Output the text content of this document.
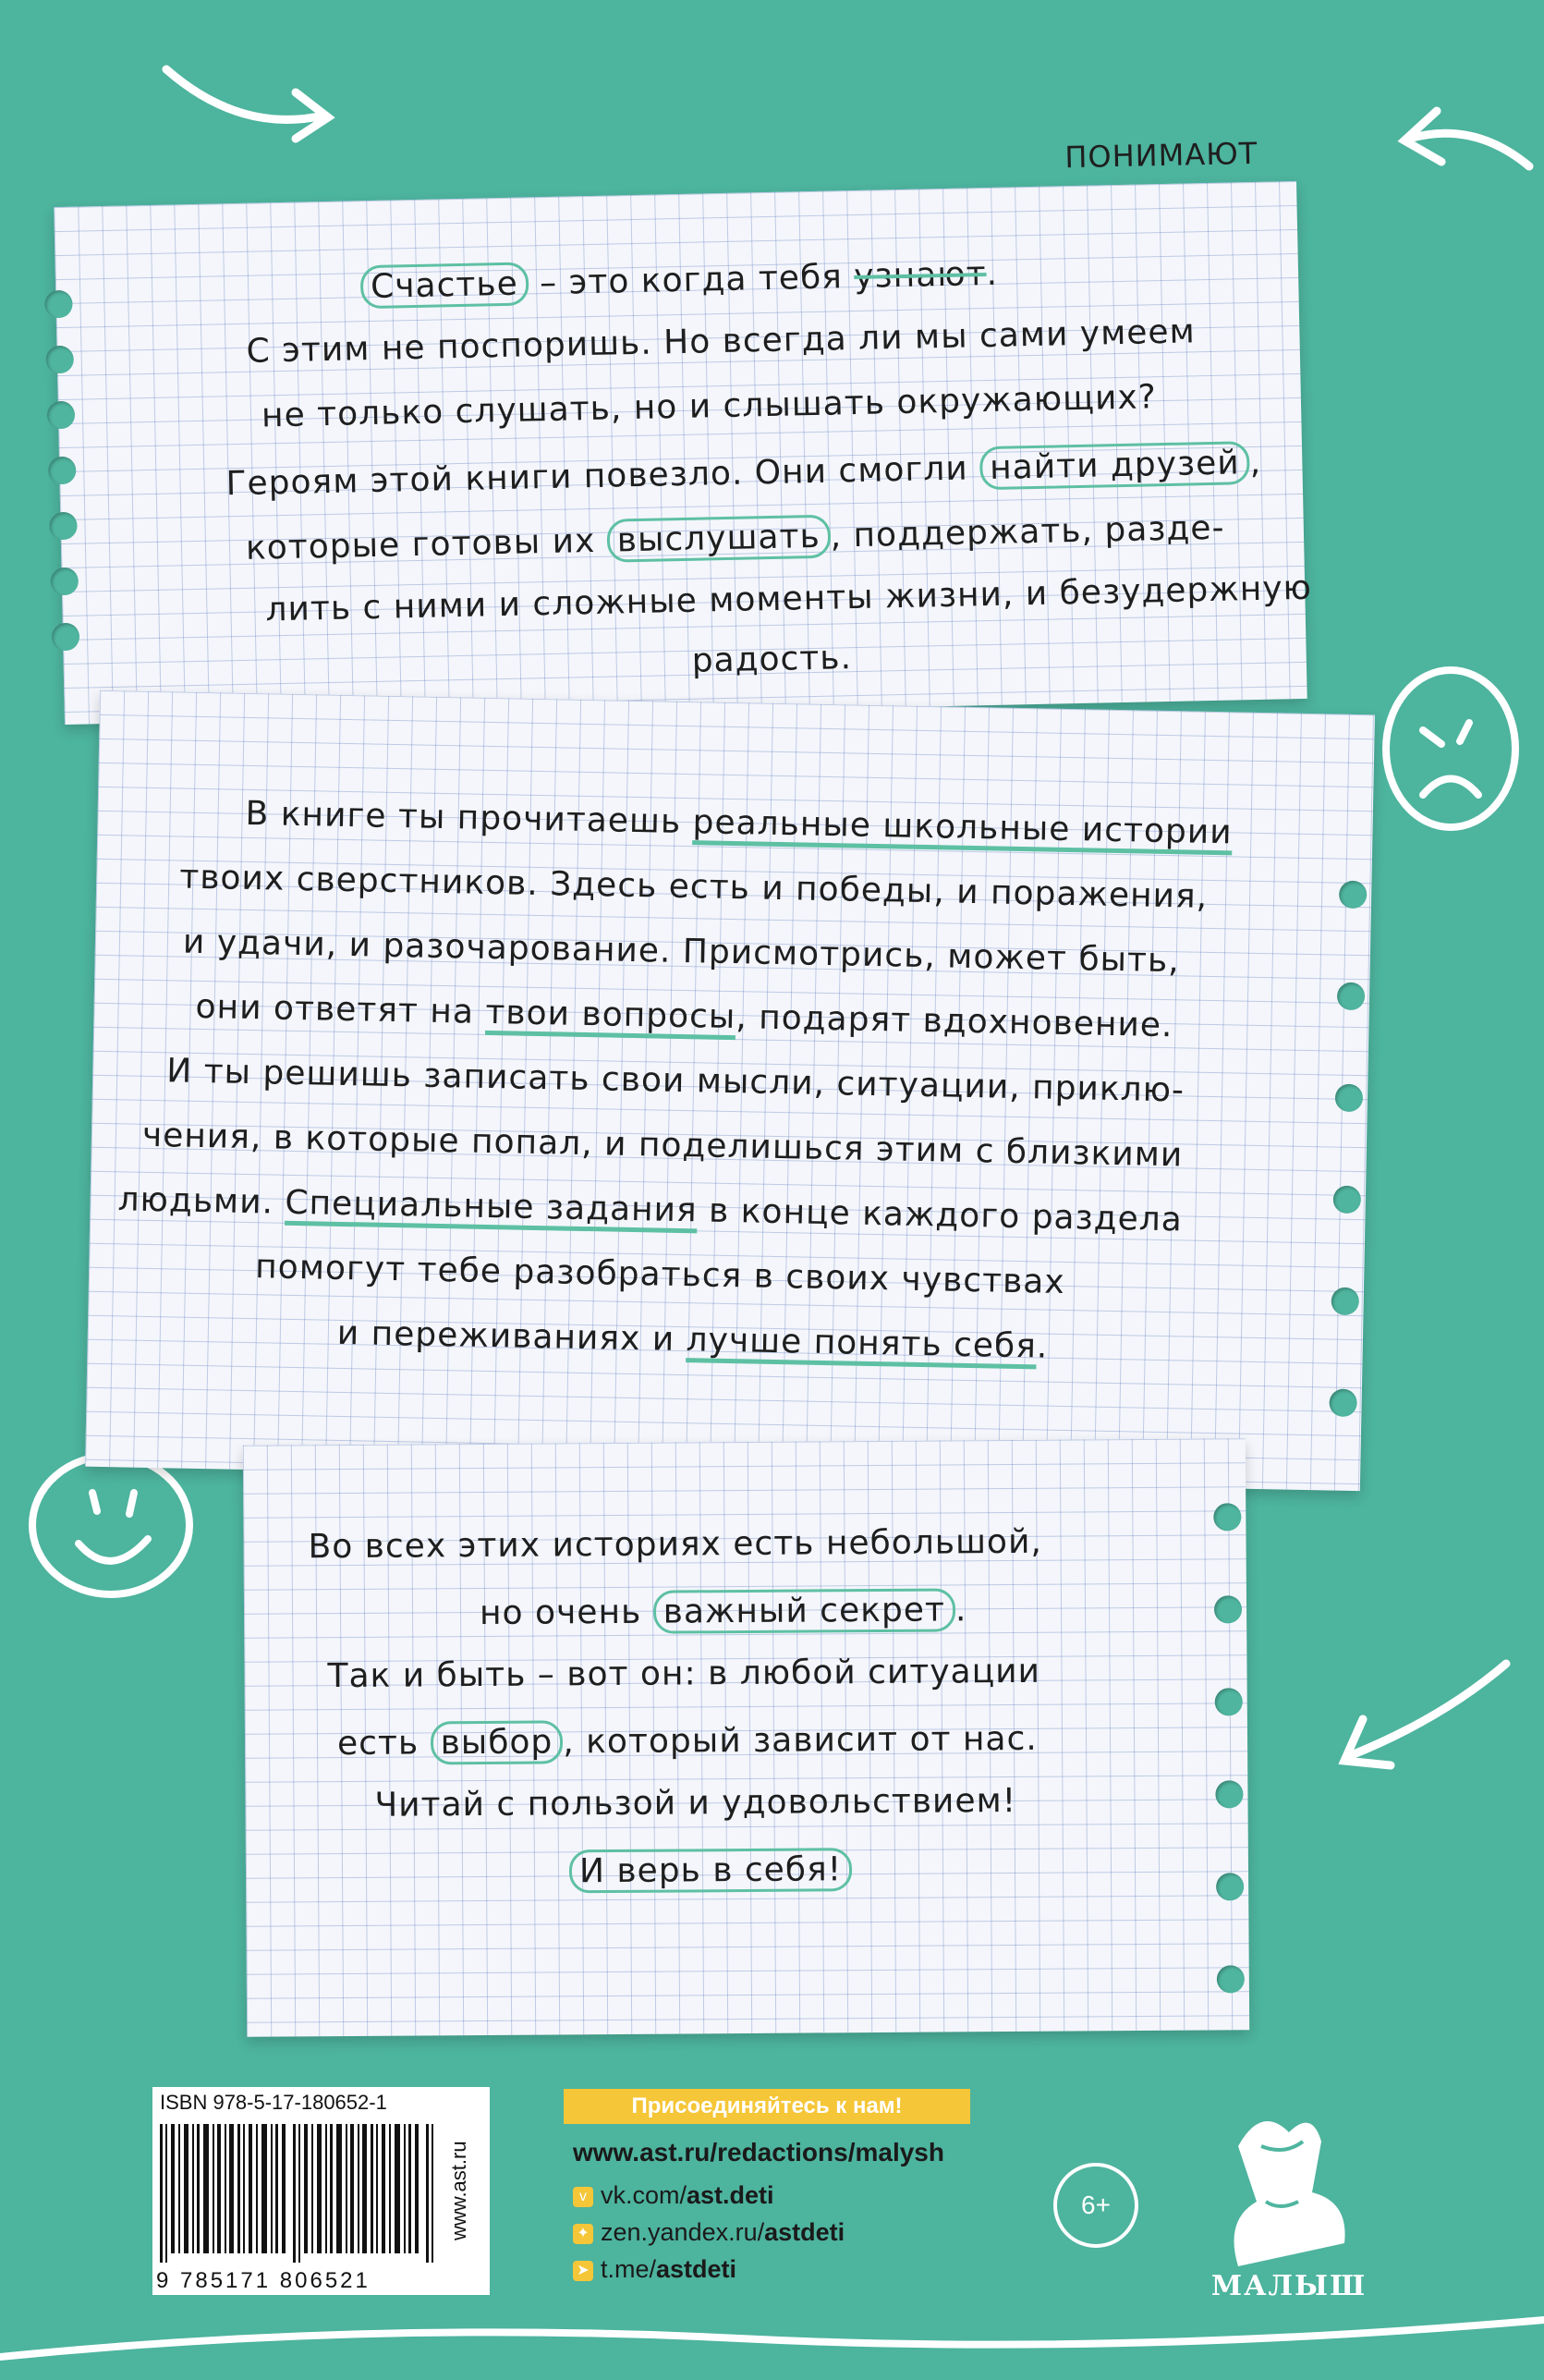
ПОНИМАЮТ
Счастье – это когда тебя узнают.
С этим не поспоришь. Но всегда ли мы сами умеем
не только слушать, но и слышать окружающих?
Героям этой книги повезло. Они смогли найти друзей ,
которые готовы их выслушать , поддержать, разде-
лить с ними и сложные моменты жизни, и безудержную
радость.
В книге ты прочитаешь реальные школьные истории
твоих сверстников. Здесь есть и победы, и поражения,
и удачи, и разочарование. Присмотрись, может быть,
они ответят на твои вопросы, подарят вдохновение.
И ты решишь записать свои мысли, ситуации, приклю-
чения, в которые попал, и поделишься этим с близкими
людьми. Специальные задания в конце каждого раздела
помогут тебе разобраться в своих чувствах
и переживаниях и лучше понять себя.
Во всех этих историях есть небольшой,
но очень важный секрет .
Так и быть – вот он: в любой ситуации
есть выбор , который зависит от нас.
Читай с пользой и удовольствием!
И верь в себя!
ISBN 978-5-17-180652-1
9 785171 806521
www.ast.ru
Присоединяйтесь к нам!
www.ast.ru/redactions/malysh
v vk.com/ast.deti
✦ zen.yandex.ru/astdeti
➤ t.me/astdeti
6+
МАЛЫШ
